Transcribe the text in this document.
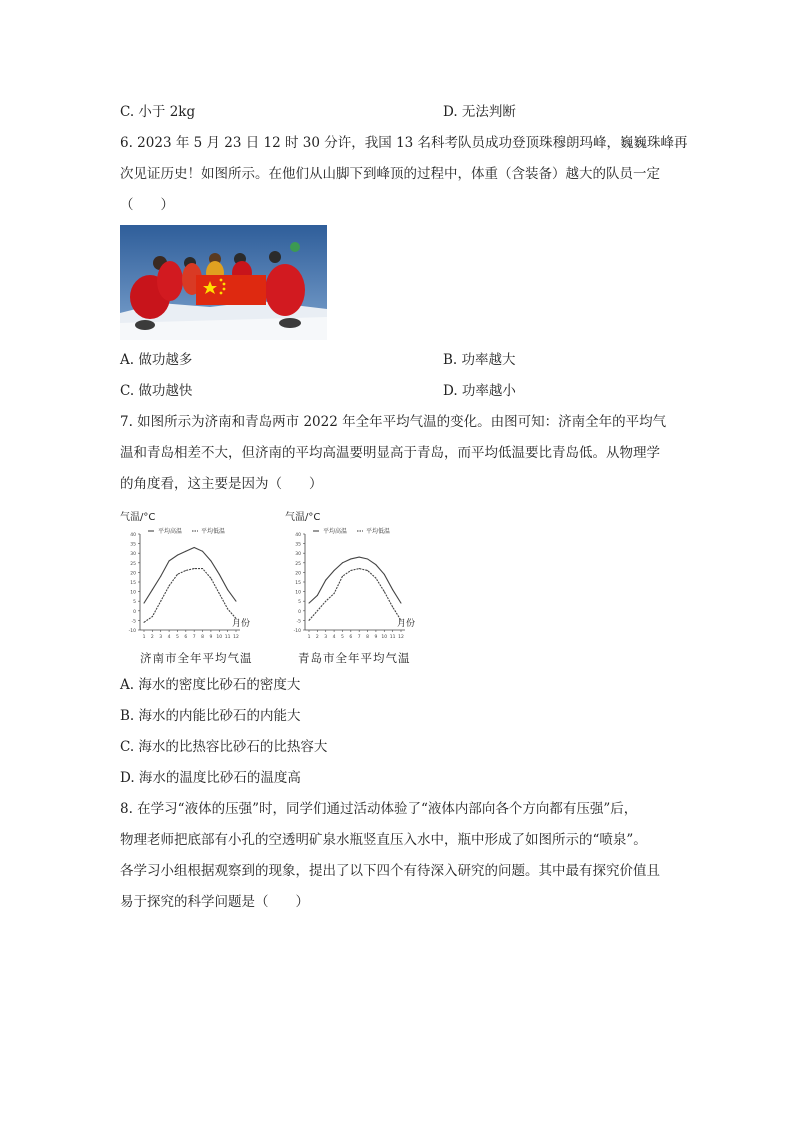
C. 小于 2kg	D. 无法判断
6. 2023 年 5 月 23 日 12 时 30 分许，我国 13 名科考队员成功登顶珠穆朗玛峰，巍巍珠峰再
次见证历史！如图所示。在他们从山脚下到峰顶的过程中，体重（含装备）越大的队员一定
（　　）
A. 做功越多	B. 功率越大
C. 做功越快	D. 功率越小
7. 如图所示为济南和青岛两市 2022 年全年平均气温的变化。由图可知：济南全年的平均气
温和青岛相差不大，但济南的平均高温要明显高于青岛，而平均低温要比青岛低。从物理学
的角度看，这主要是因为（　　）
气温/°C
平均高温	平均低温
-10
-5
0
5
10
15
20
25
30
35
40
1 2 3 4 5 6 7 8 9 10 11 12
月份
济南市全年平均气温
气温/°C
平均高温	平均低温
-10
-5
0
5
10
15
20
25
30
35
40
1 2 3 4 5 6 7 8 9 10 11 12
月份
青岛市全年平均气温
A. 海水的密度比砂石的密度大
B. 海水的内能比砂石的内能大
C. 海水的比热容比砂石的比热容大
D. 海水的温度比砂石的温度高
8. 在学习“液体的压强”时，同学们通过活动体验了“液体内部向各个方向都有压强”后，
物理老师把底部有小孔的空透明矿泉水瓶竖直压入水中，瓶中形成了如图所示的“喷泉”。
各学习小组根据观察到的现象，提出了以下四个有待深入研究的问题。其中最有探究价值且
易于探究的科学问题是（　　）
